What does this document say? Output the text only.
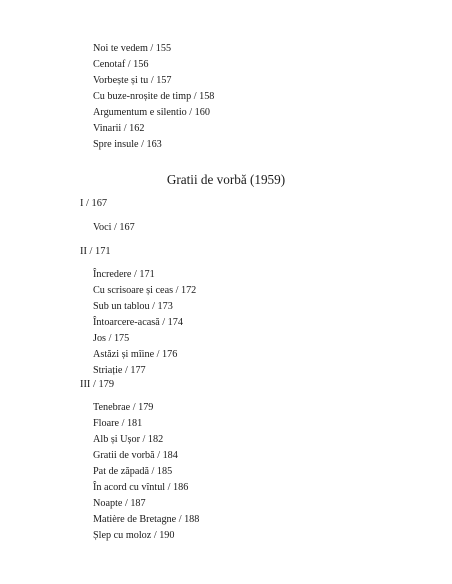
Noi te vedem / 155
Cenotaf / 156
Vorbește și tu / 157
Cu buze-nroșite de timp / 158
Argumentum e silentio / 160
Vinarii / 162
Spre insule / 163
Gratii de vorbă (1959)
I / 167
Voci / 167
II / 171
Încredere / 171
Cu scrisoare și ceas / 172
Sub un tablou / 173
Întoarcere-acasă / 174
Jos / 175
Astăzi și mîine / 176
Striație / 177
III / 179
Tenebrae / 179
Floare / 181
Alb și Ușor / 182
Gratii de vorbă / 184
Pat de zăpadă / 185
În acord cu vîntul / 186
Noapte / 187
Matière de Bretagne / 188
Șlep cu moloz / 190
